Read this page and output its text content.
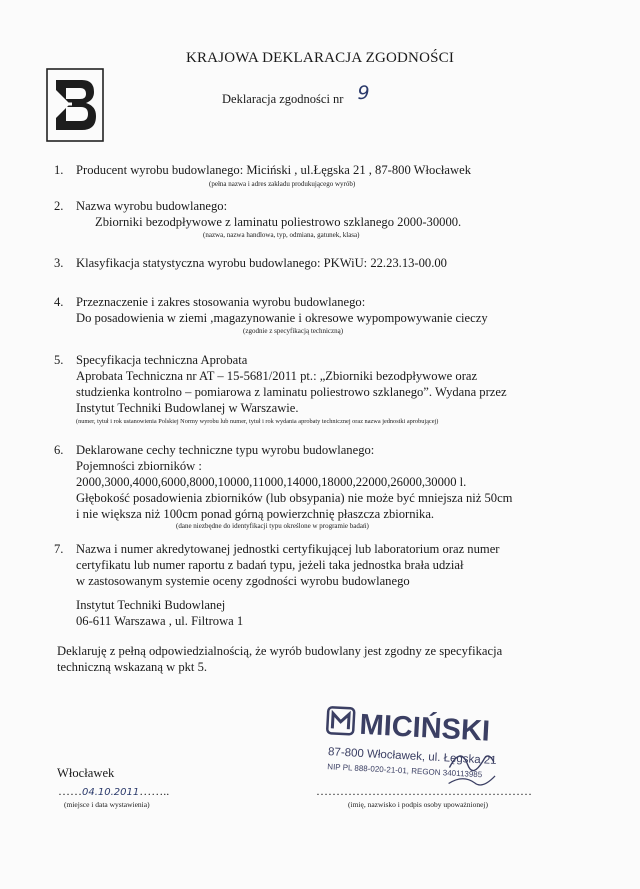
KRAJOWA DEKLARACJA ZGODNOŚCI
Deklaracja zgodności nr 9
1. Producent wyrobu budowlanego: Miciński , ul.Łęgska 21 , 87-800 Włocławek
(pełna nazwa i adres zakładu produkującego wyrób)
2. Nazwa wyrobu budowlanego:
Zbiorniki bezodpływowe z laminatu poliestrowo szklanego 2000-30000.
(nazwa, nazwa handlowa, typ, odmiana, gatunek, klasa)
3. Klasyfikacja statystyczna wyrobu budowlanego: PKWiU: 22.23.13-00.00
4. Przeznaczenie i zakres stosowania wyrobu budowlanego:
Do posadowienia w ziemi ,magazynowanie i okresowe wypompowywanie cieczy
(zgodnie z specyfikacją techniczną)
5. Specyfikacja techniczna Aprobata
Aprobata Techniczna nr AT – 15-5681/2011 pt.: „Zbiorniki bezodpływowe oraz
studzienka kontrolno – pomiarowa z laminatu poliestrowo szklanego”. Wydana przez
Instytut Techniki Budowlanej w Warszawie.
(numer, tytuł i rok ustanowienia Polskiej Normy wyrobu lub numer, tytuł i rok wydania aprobaty technicznej oraz nazwa jednostki aprobującej)
6. Deklarowane cechy techniczne typu wyrobu budowlanego:
Pojemności zbiorników :
2000,3000,4000,6000,8000,10000,11000,14000,18000,22000,26000,30000 l.
Głębokość posadowienia zbiorników (lub obsypania) nie może być mniejsza niż 50cm
i nie większa niż 100cm ponad górną powierzchnię płaszcza zbiornika.
(dane niezbędne do identyfikacji typu określone w programie badań)
7. Nazwa i numer akredytowanej jednostki certyfikującej lub laboratorium oraz numer
certyfikatu lub numer raportu z badań typu, jeżeli taka jednostka brała udział
w zastosowanym systemie oceny zgodności wyrobu budowlanego
Instytut Techniki Budowlanej
06-611 Warszawa , ul. Filtrowa 1
Deklaruję z pełną odpowiedzialnością, że wyrób budowlany jest zgodny ze specyfikacja
techniczną wskazaną w pkt 5.
MICIŃSKI
87-800 Włocławek, ul. Łęgska 21
NIP PL 888-020-21-01, REGON 340113985
Włocławek
……04.10.2011……..
(miejsce i data wystawienia)
………………………………………………
(imię, nazwisko i podpis osoby upoważnionej)
